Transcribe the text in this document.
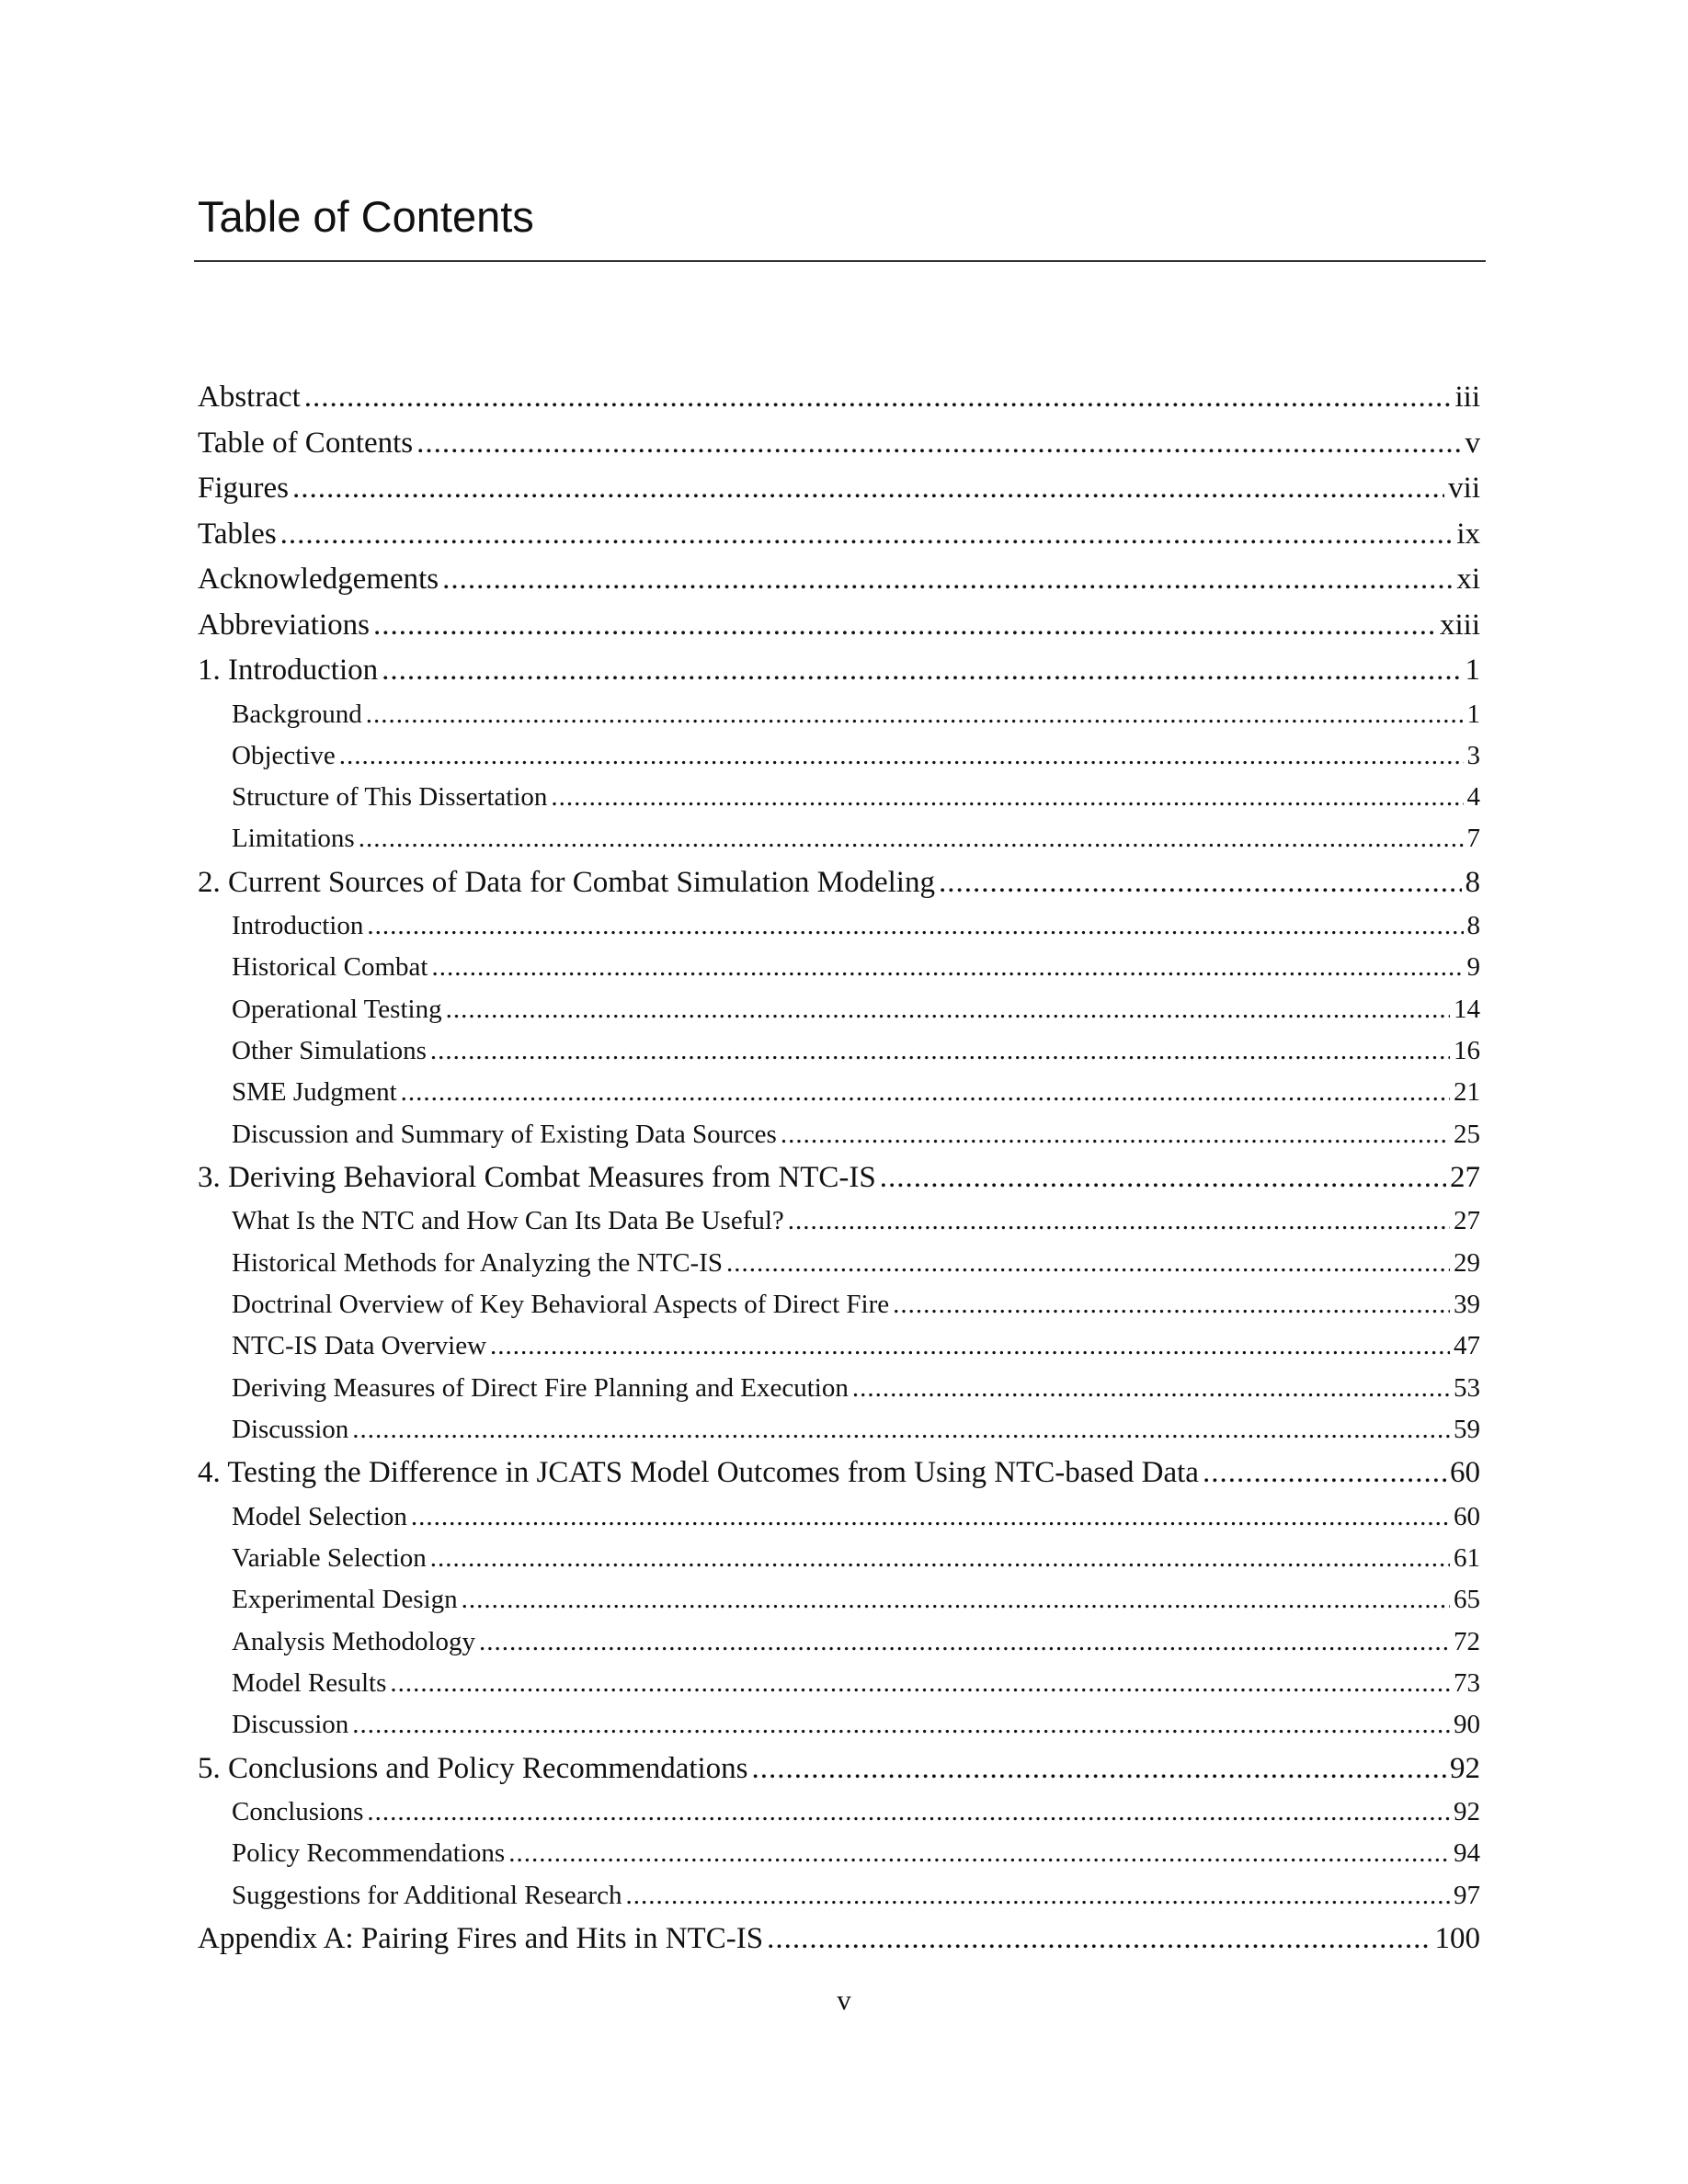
Table of Contents
Abstract .....	iii
Table of Contents .....	v
Figures .....	vii
Tables .....	ix
Acknowledgements .....	xi
Abbreviations .....	xiii
1. Introduction .....	1
Background .....	1
Objective .....	3
Structure of This Dissertation .....	4
Limitations .....	7
2. Current Sources of Data for Combat Simulation Modeling .....	8
Introduction .....	8
Historical Combat .....	9
Operational Testing .....	14
Other Simulations .....	16
SME Judgment .....	21
Discussion and Summary of Existing Data Sources .....	25
3. Deriving Behavioral Combat Measures from NTC-IS .....	27
What Is the NTC and How Can Its Data Be Useful? .....	27
Historical Methods for Analyzing the NTC-IS .....	29
Doctrinal Overview of Key Behavioral Aspects of Direct Fire .....	39
NTC-IS Data Overview .....	47
Deriving Measures of Direct Fire Planning and Execution .....	53
Discussion .....	59
4. Testing the Difference in JCATS Model Outcomes from Using NTC-based Data .....	60
Model Selection .....	60
Variable Selection .....	61
Experimental Design .....	65
Analysis Methodology .....	72
Model Results .....	73
Discussion .....	90
5. Conclusions and Policy Recommendations .....	92
Conclusions .....	92
Policy Recommendations .....	94
Suggestions for Additional Research .....	97
Appendix A: Pairing Fires and Hits in NTC-IS .....	100
v
